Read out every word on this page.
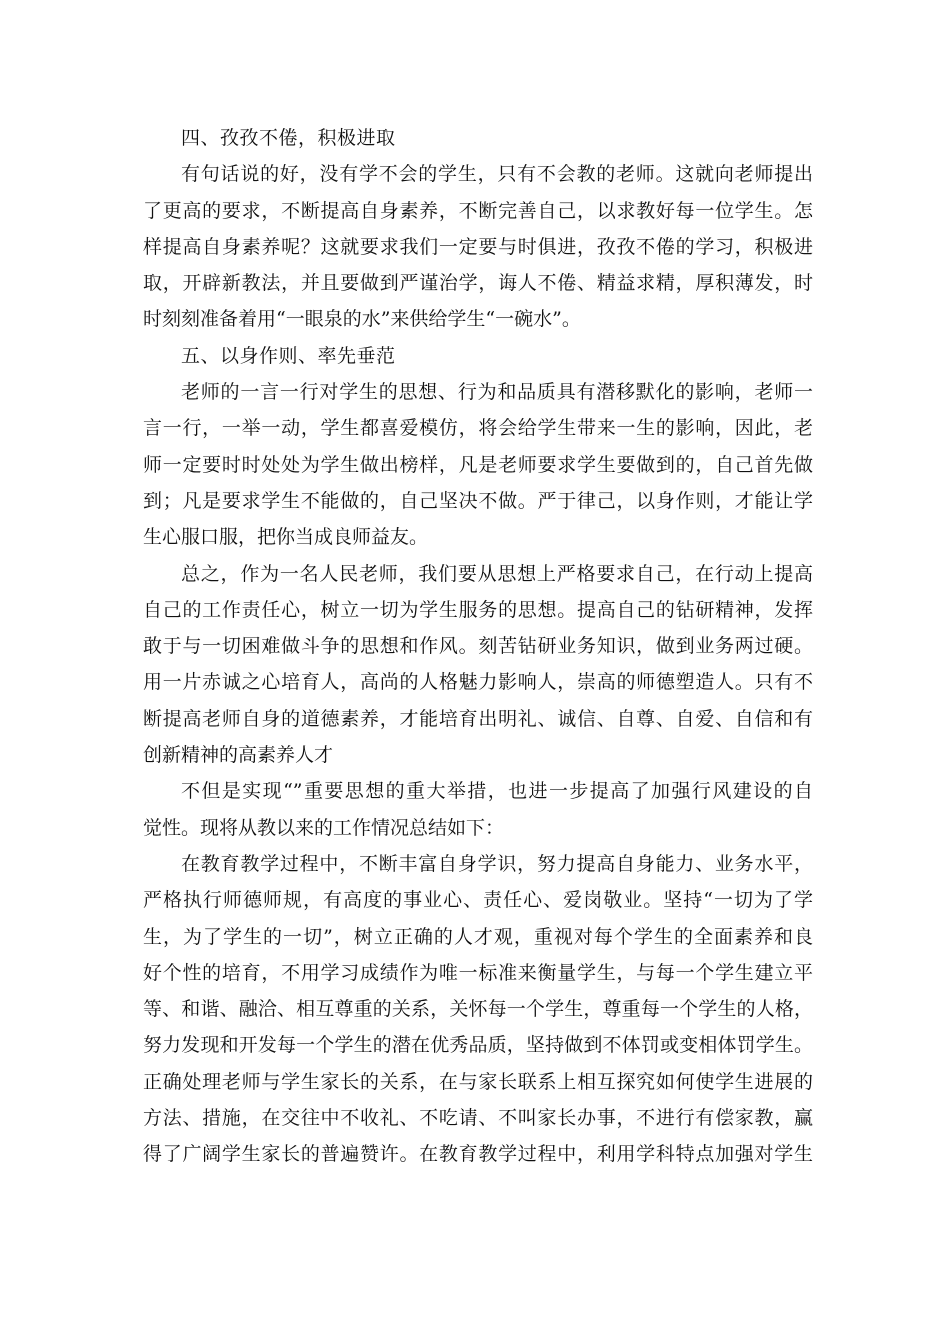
四、孜孜不倦，积极进取
有句话说的好，没有学不会的学生，只有不会教的老师。这就向老师提出
了更高的要求，不断提高自身素养，不断完善自己，以求教好每一位学生。怎
样提高自身素养呢？这就要求我们一定要与时俱进，孜孜不倦的学习，积极进
取，开辟新教法，并且要做到严谨治学，诲人不倦、精益求精，厚积薄发，时
时刻刻准备着用“一眼泉的水”来供给学生“一碗水”。
五、以身作则、率先垂范
老师的一言一行对学生的思想、行为和品质具有潜移默化的影响，老师一
言一行，一举一动，学生都喜爱模仿，将会给学生带来一生的影响，因此，老
师一定要时时处处为学生做出榜样，凡是老师要求学生要做到的，自己首先做
到；凡是要求学生不能做的，自己坚决不做。严于律己，以身作则，才能让学
生心服口服，把你当成良师益友。
总之，作为一名人民老师，我们要从思想上严格要求自己，在行动上提高
自己的工作责任心，树立一切为学生服务的思想。提高自己的钻研精神，发挥
敢于与一切困难做斗争的思想和作风。刻苦钻研业务知识，做到业务两过硬。
用一片赤诚之心培育人，高尚的人格魅力影响人，崇高的师德塑造人。只有不
断提高老师自身的道德素养，才能培育出明礼、诚信、自尊、自爱、自信和有
创新精神的高素养人才
不但是实现“”重要思想的重大举措，也进一步提高了加强行风建设的自
觉性。现将从教以来的工作情况总结如下：
在教育教学过程中，不断丰富自身学识，努力提高自身能力、业务水平，
严格执行师德师规，有高度的事业心、责任心、爱岗敬业。坚持“一切为了学
生，为了学生的一切”，树立正确的人才观，重视对每个学生的全面素养和良
好个性的培育，不用学习成绩作为唯一标准来衡量学生，与每一个学生建立平
等、和谐、融洽、相互尊重的关系，关怀每一个学生，尊重每一个学生的人格，
努力发现和开发每一个学生的潜在优秀品质，坚持做到不体罚或变相体罚学生。
正确处理老师与学生家长的关系，在与家长联系上相互探究如何使学生进展的
方法、措施，在交往中不收礼、不吃请、不叫家长办事，不进行有偿家教，赢
得了广阔学生家长的普遍赞许。在教育教学过程中，利用学科特点加强对学生
